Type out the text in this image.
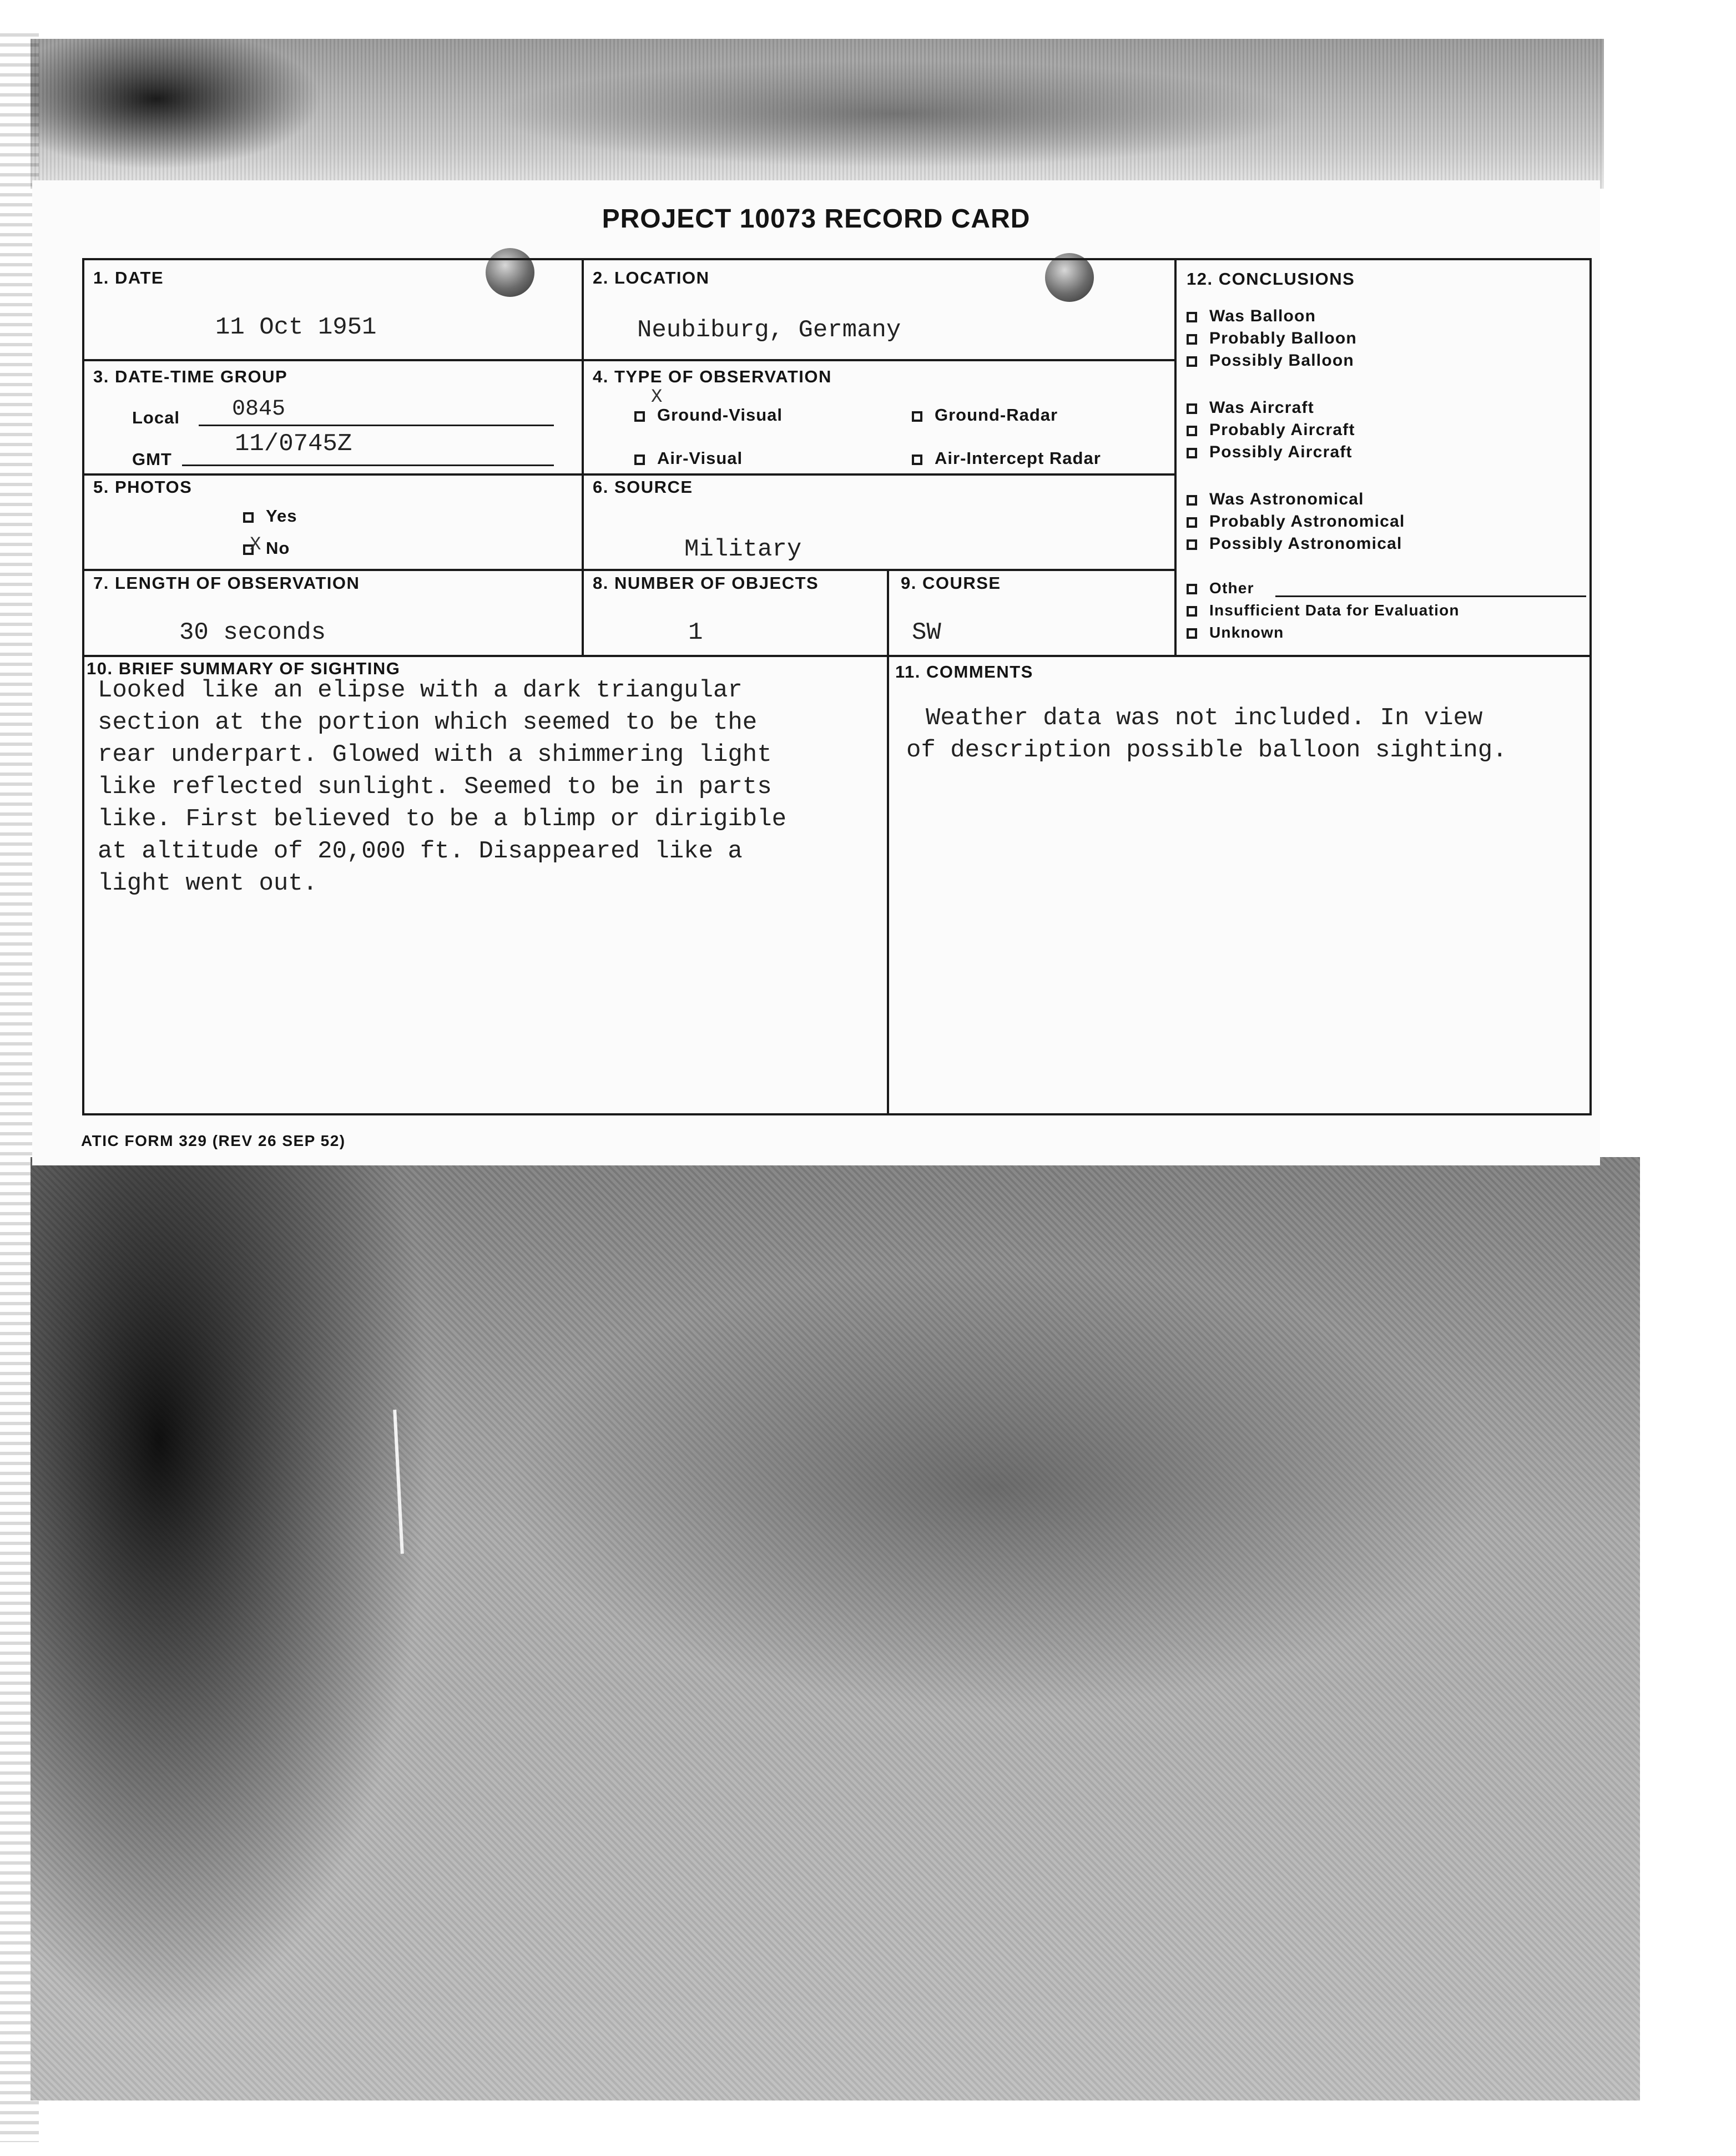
PROJECT 10073 RECORD CARD
1. DATE
11 Oct 1951
2. LOCATION
Neubiburg, Germany
3. DATE-TIME GROUP
Local 0845
GMT
11/0745Z
4. TYPE OF OBSERVATION
Ground-Visual
X
Ground-Radar
Air-Visual	Air-Intercept Radar
5. PHOTOS
Yes
No
X
6. SOURCE
Military
7. LENGTH OF OBSERVATION
30 seconds
8. NUMBER OF OBJECTS
1
9. COURSE
SW
10. BRIEF SUMMARY OF SIGHTING
Looked like an elipse with a dark triangular
section at the portion which seemed to be the
rear underpart. Glowed with a shimmering light
like reflected sunlight. Seemed to be in parts
like. First believed to be a blimp or dirigible
at altitude of 20,000 ft. Disappeared like a
light went out.
11. COMMENTS
Weather data was not included. In view
of description possible balloon sighting.
12. CONCLUSIONS
Was Balloon
Probably Balloon
Possibly Balloon
Was Aircraft
Probably Aircraft
Possibly Aircraft
Was Astronomical
Probably Astronomical
Possibly Astronomical
Other
Insufficient Data for Evaluation
Unknown
ATIC FORM 329 (REV 26 SEP 52)
